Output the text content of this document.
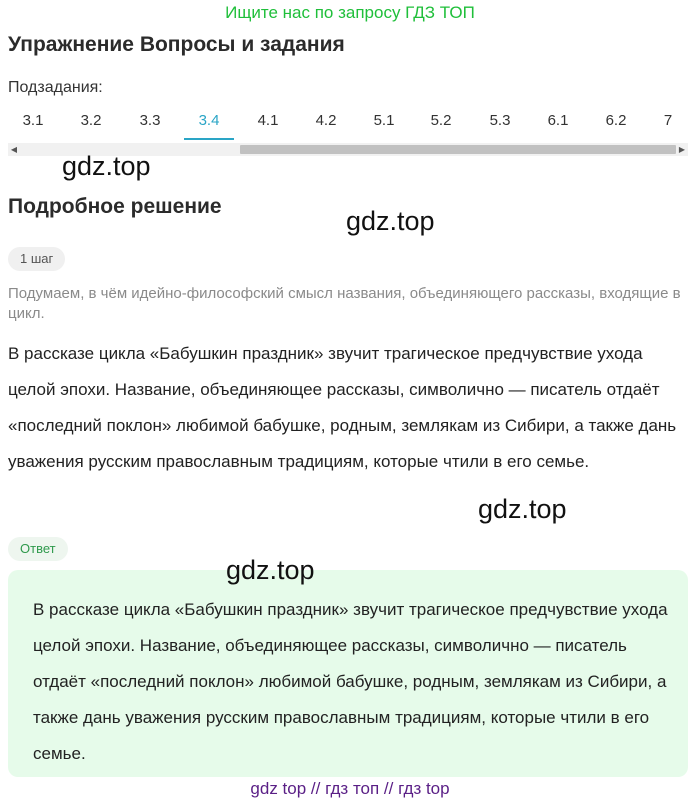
Ищите нас по запросу ГДЗ ТОП
Упражнение Вопросы и задания
Подзадания:
3.1	3.2	3.3	3.4	4.1	4.2	5.1	5.2	5.3	6.1	6.2	7
◀	▶
gdz.top
Подробное решение	gdz.top
1 шаг

Подумаем, в чём идейно-философский смысл названия, объединяющего рассказы, входящие в цикл.

В рассказе цикла «Бабушкин праздник» звучит трагическое предчувствие ухода целой эпохи. Название, объединяющее рассказы, символично — писатель отдаёт «последний поклон» любимой бабушке, родным, землякам из Сибири, а также дань уважения русским православным традициям, которые чтили в его семье.

gdz.top
Ответ

В рассказе цикла «Бабушкин праздник» звучит трагическое предчувствие ухода целой эпохи. Название, объединяющее рассказы, символично — писатель отдаёт «последний поклон» любимой бабушке, родным, землякам из Сибири, а также дань уважения русским православным традициям, которые чтили в его семье.

gdz.top
gdz top // гдз топ // гдз top
